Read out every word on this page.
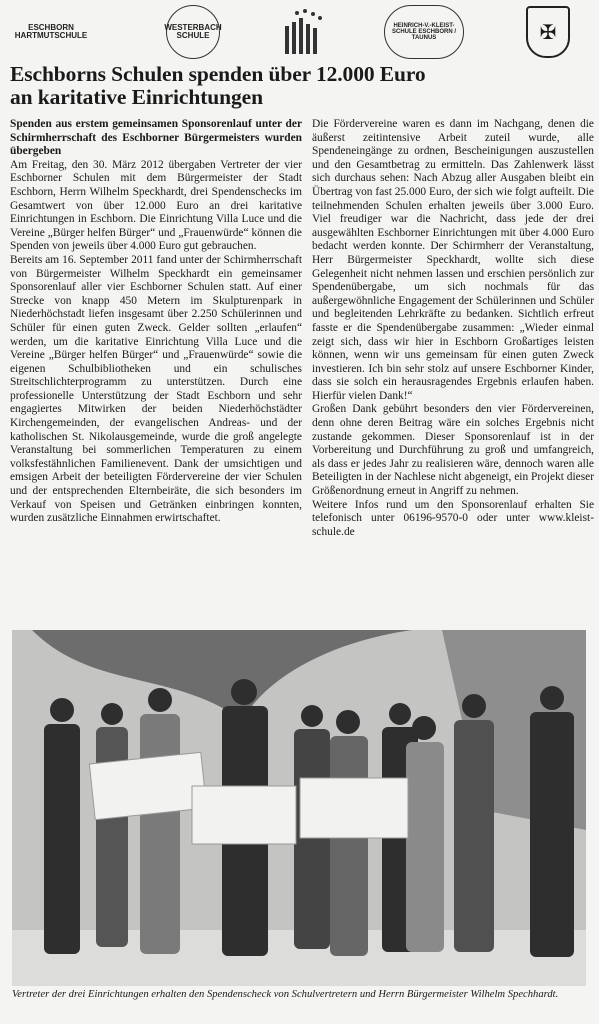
ESCHBORN HARTMUTSCHULE
WESTERBACH SCHULE
HEINRICH-V.-KLEIST-SCHULE ESCHBORN / TAUNUS	✠
Eschborns Schulen spenden über 12.000 Euro
an karitative Einrichtungen

Spenden aus erstem gemeinsamen Sponsorenlauf unter der Schirmherrschaft des Eschborner Bürgermeisters wurden übergeben

Am Freitag, den 30. März 2012 übergaben Vertreter der vier Eschborner Schulen mit dem Bürgermeister der Stadt Eschborn, Herrn Wilhelm Speckhardt, drei Spendenschecks im Gesamtwert von über 12.000 Euro an drei karitative Einrichtungen in Eschborn. Die Einrichtung Villa Luce und die Vereine „Bürger helfen Bürger“ und „Frauenwürde“ können die Spenden von jeweils über 4.000 Euro gut gebrauchen.

Bereits am 16. September 2011 fand unter der Schirmherrschaft von Bürgermeister Wilhelm Speckhardt ein gemeinsamer Sponsorenlauf aller vier Eschborner Schulen statt. Auf einer Strecke von knapp 450 Metern im Skulpturenpark in Niederhöchstadt liefen insgesamt über 2.250 Schülerinnen und Schüler für einen guten Zweck. Gelder sollten „erlaufen“ werden, um die karitative Einrichtung Villa Luce und die Vereine „Bürger helfen Bürger“ und „Frauenwürde“ sowie die eigenen Schulbibliotheken und ein schulisches Streitschlichterprogramm zu unterstützen. Durch eine professionelle Unterstützung der Stadt Eschborn und sehr engagiertes Mitwirken der beiden Niederhöchstädter Kirchengemeinden, der evangelischen Andreas- und der katholischen St. Nikolausgemeinde, wurde die groß angelegte Veranstaltung bei sommerlichen Temperaturen zu einem volksfestähnlichen Familienevent. Dank der umsichtigen und emsigen Arbeit der beteiligten Fördervereine der vier Schulen und der entsprechenden Elternbeiräte, die sich besonders im Verkauf von Speisen und Getränken einbringen konnten, wurden zusätzliche Einnahmen erwirtschaftet.

Die Fördervereine waren es dann im Nachgang, denen die äußerst zeitintensive Arbeit zuteil wurde, alle Spendeneingänge zu ordnen, Bescheinigungen auszustellen und den Gesamtbetrag zu ermitteln. Das Zahlenwerk lässt sich durchaus sehen: Nach Abzug aller Ausgaben bleibt ein Übertrag von fast 25.000 Euro, der sich wie folgt aufteilt. Die teilnehmenden Schulen erhalten jeweils über 3.000 Euro. Viel freudiger war die Nachricht, dass jede der drei ausgewählten Eschborner Einrichtungen mit über 4.000 Euro bedacht werden konnte. Der Schirmherr der Veranstaltung, Herr Bürgermeister Speckhardt, wollte sich diese Gelegenheit nicht nehmen lassen und erschien persönlich zur Spendenübergabe, um sich nochmals für das außergewöhnliche Engagement der Schülerinnen und Schüler und begleitenden Lehrkräfte zu bedanken. Sichtlich erfreut fasste er die Spendenübergabe zusammen: „Wieder einmal zeigt sich, dass wir hier in Eschborn Großartiges leisten können, wenn wir uns gemeinsam für einen guten Zweck investieren. Ich bin sehr stolz auf unsere Eschborner Kinder, dass sie solch ein herausragendes Ergebnis erlaufen haben. Hierfür vielen Dank!“

Großen Dank gebührt besonders den vier Fördervereinen, denn ohne deren Beitrag wäre ein solches Ergebnis nicht zustande gekommen. Dieser Sponsorenlauf ist in der Vorbereitung und Durchführung zu groß und umfangreich, als dass er jedes Jahr zu realisieren wäre, dennoch waren alle Beteiligten in der Nachlese nicht abgeneigt, ein Projekt dieser Größenordnung erneut in Angriff zu nehmen.

Weitere Infos rund um den Sponsorenlauf erhalten Sie telefonisch unter 06196-9570-0 oder unter www.kleist-schule.de

Vertreter der drei Einrichtungen erhalten den Spendenscheck von Schulvertretern und Herrn Bürgermeister Wilhelm Spechhardt.
